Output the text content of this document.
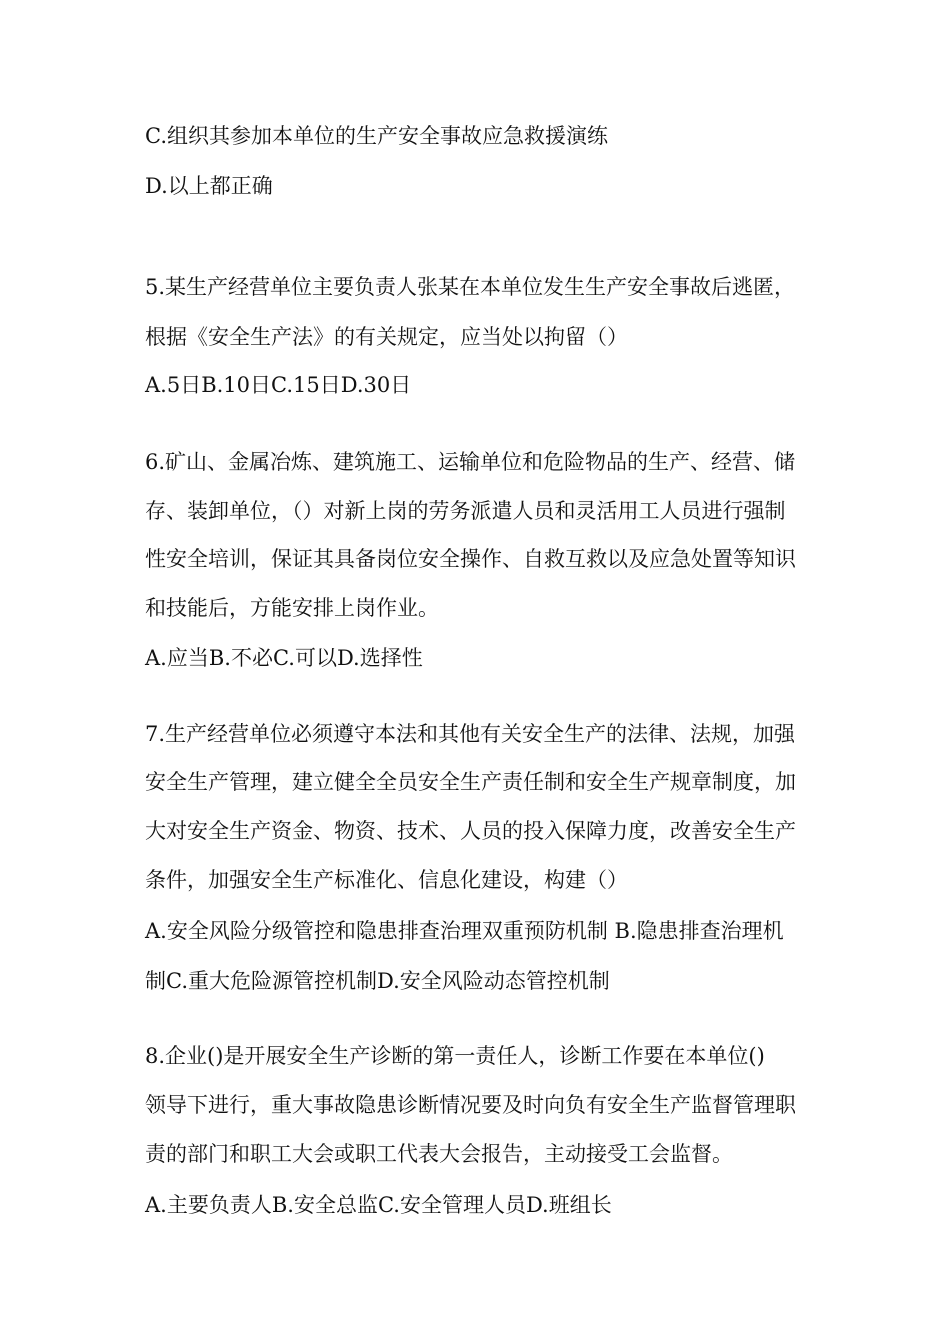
C.组织其参加本单位的生产安全事故应急救援演练
D.以上都正确
5.某生产经营单位主要负责人张某在本单位发生生产安全事故后逃匿，
根据《安全生产法》的有关规定，应当处以拘留（）
A.5日B.10日C.15日D.30日
6.矿山、金属冶炼、建筑施工、运输单位和危险物品的生产、经营、储
存、装卸单位，（）对新上岗的劳务派遣人员和灵活用工人员进行强制
性安全培训，保证其具备岗位安全操作、自救互救以及应急处置等知识
和技能后，方能安排上岗作业。
A.应当B.不必C.可以D.选择性
7.生产经营单位必须遵守本法和其他有关安全生产的法律、法规，加强
安全生产管理，建立健全全员安全生产责任制和安全生产规章制度，加
大对安全生产资金、物资、技术、人员的投入保障力度，改善安全生产
条件，加强安全生产标准化、信息化建设，构建（）
A.安全风险分级管控和隐患排查治理双重预防机制 B.隐患排查治理机
制C.重大危险源管控机制D.安全风险动态管控机制
8.企业()是开展安全生产诊断的第一责任人，诊断工作要在本单位()
领导下进行，重大事故隐患诊断情况要及时向负有安全生产监督管理职
责的部门和职工大会或职工代表大会报告，主动接受工会监督。
A.主要负责人B.安全总监C.安全管理人员D.班组长
